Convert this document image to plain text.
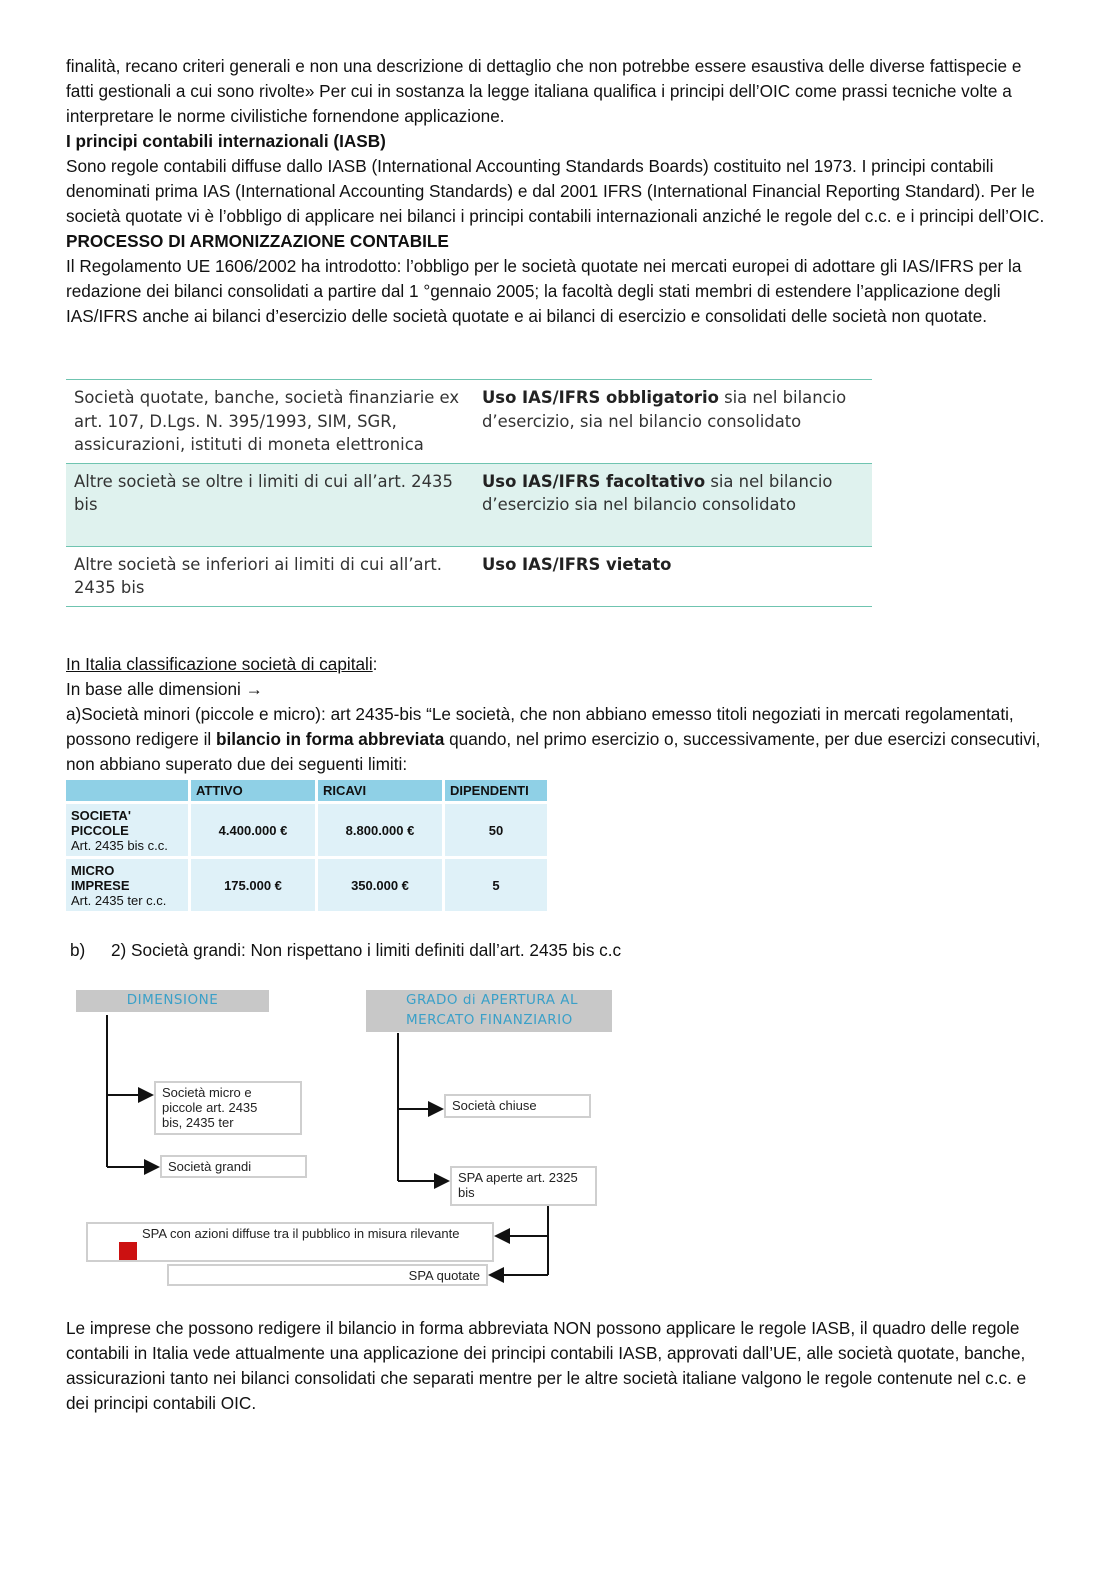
finalità, recano criteri generali e non una descrizione di dettaglio che non potrebbe essere esaustiva delle diverse fattispecie e fatti gestionali a cui sono rivolte» Per cui in sostanza la legge italiana qualifica i principi dell’OIC come prassi tecniche volte a interpretare le norme civilistiche fornendone applicazione.

I principi contabili internazionali (IASB)

Sono regole contabili diffuse dallo IASB (International Accounting Standards Boards) costituito nel 1973. I principi contabili denominati prima IAS (International Accounting Standards) e dal 2001 IFRS (International Financial Reporting Standard). Per le società quotate vi è l’obbligo di applicare nei bilanci i principi contabili internazionali anziché le regole del c.c. e i principi dell’OIC.

PROCESSO DI ARMONIZZAZIONE CONTABILE

Il Regolamento UE 1606/2002 ha introdotto: l’obbligo per le società quotate nei mercati europei di adottare gli IAS/IFRS per la redazione dei bilanci consolidati a partire dal 1 °gennaio 2005; la facoltà degli stati membri di estendere l’applicazione degli IAS/IFRS anche ai bilanci d’esercizio delle società quotate e ai bilanci di esercizio e consolidati delle società non quotate.

Società quotate, banche, società finanziarie ex art. 107, D.Lgs. N. 395/1993, SIM, SGR, assicurazioni, istituti di moneta elettronica	Uso IAS/IFRS obbligatorio sia nel bilancio d’esercizio, sia nel bilancio consolidato
Altre società se oltre i limiti di cui all’art. 2435 bis	Uso IAS/IFRS facoltativo sia nel bilancio d’esercizio sia nel bilancio consolidato
Altre società se inferiori ai limiti di cui all’art. 2435 bis	Uso IAS/IFRS vietato

In Italia classificazione società di capitali:

In base alle dimensioni →

a)Società minori (piccole e micro): art 2435-bis “Le società, che non abbiano emesso titoli negoziati in mercati regolamentati, possono redigere il bilancio in forma abbreviata quando, nel primo esercizio o, successivamente, per due esercizi consecutivi, non abbiano superato due dei seguenti limiti:

	ATTIVO	RICAVI	DIPENDENTI
SOCIETA'
PICCOLE
Art. 2435 bis c.c.	4.400.000 €	8.800.000 €	50
MICRO
IMPRESE
Art. 2435 ter c.c.	175.000 €	350.000 €	5
b) 2) Società grandi: Non rispettano i limiti definiti dall’art. 2435 bis c.c
DIMENSIONE	GRADO di APERTURA AL
MERCATO FINANZIARIO
Società micro e
piccole art. 2435
bis, 2435 ter
Società grandi
Società chiuse
SPA aperte art. 2325
bis
SPA con azioni diffuse tra il pubblico in misura rilevante
SPA quotate

Le imprese che possono redigere il bilancio in forma abbreviata NON possono applicare le regole IASB, il quadro delle regole contabili in Italia vede attualmente una applicazione dei principi contabili IASB, approvati dall’UE, alle società quotate, banche, assicurazioni tanto nei bilanci consolidati che separati mentre per le altre società italiane valgono le regole contenute nel c.c. e dei principi contabili OIC.
